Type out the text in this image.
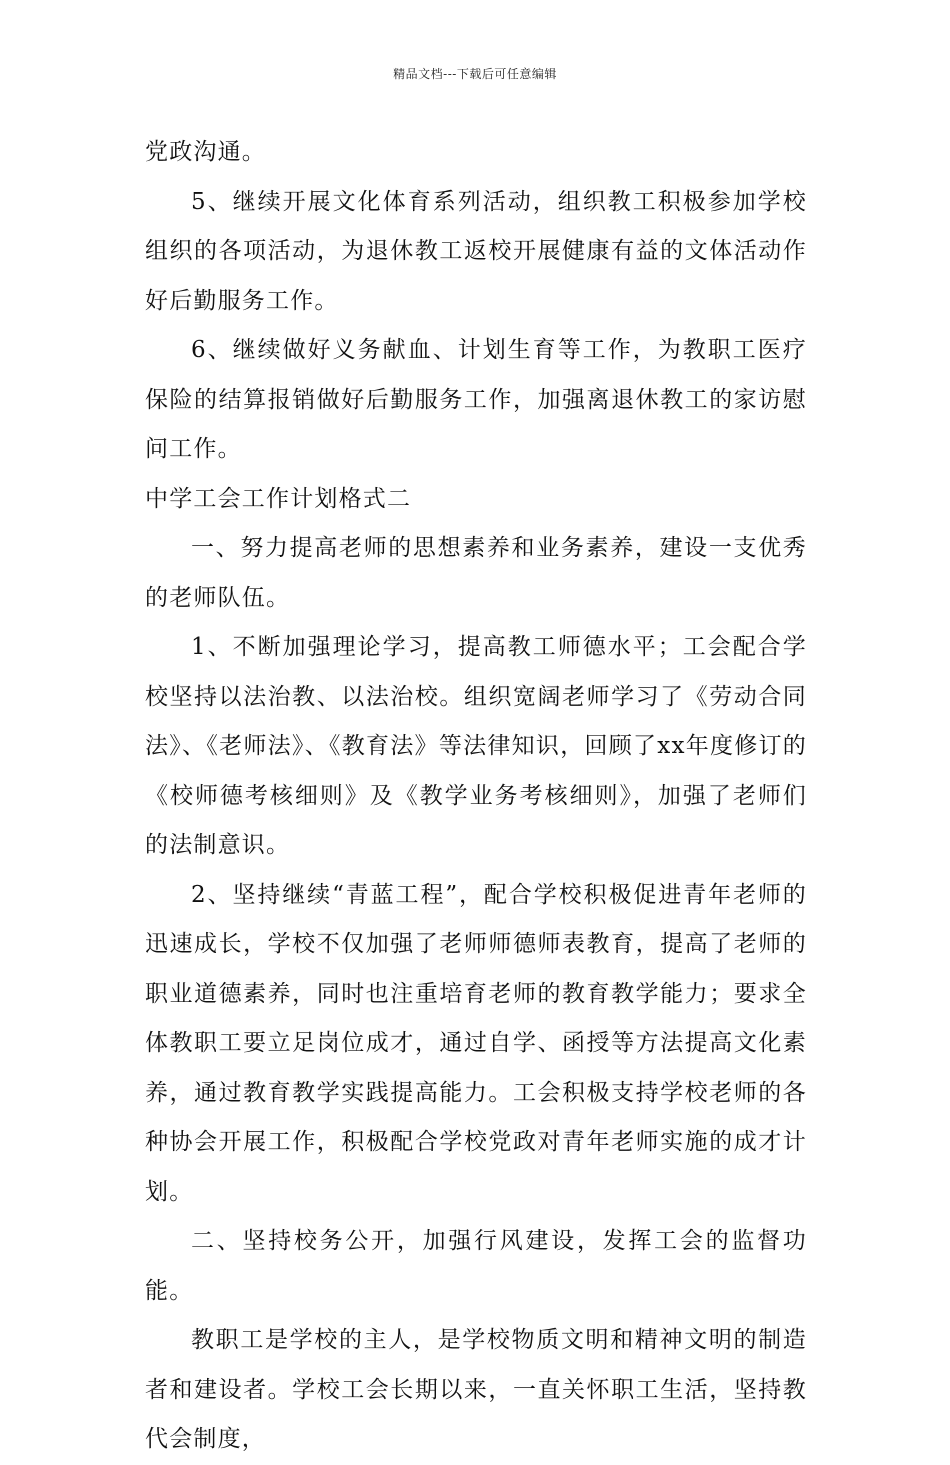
精品文档---下载后可任意编辑

党政沟通。

5、继续开展文化体育系列活动，组织教工积极参加学校组织的各项活动，为退休教工返校开展健康有益的文体活动作好后勤服务工作。

6、继续做好义务献血、计划生育等工作，为教职工医疗保险的结算报销做好后勤服务工作，加强离退休教工的家访慰问工作。

中学工会工作计划格式二

一、努力提高老师的思想素养和业务素养，建设一支优秀的老师队伍。

1、不断加强理论学习，提高教工师德水平；工会配合学校坚持以法治教、以法治校。组织宽阔老师学习了《劳动合同法》、《老师法》、《教育法》等法律知识，回顾了xx年度修订的《校师德考核细则》及《教学业务考核细则》，加强了老师们的法制意识。

2、坚持继续“青蓝工程”，配合学校积极促进青年老师的迅速成长，学校不仅加强了老师师德师表教育，提高了老师的职业道德素养，同时也注重培育老师的教育教学能力；要求全体教职工要立足岗位成才，通过自学、函授等方法提高文化素养，通过教育教学实践提高能力。工会积极支持学校老师的各种协会开展工作，积极配合学校党政对青年老师实施的成才计划。

二、坚持校务公开，加强行风建设，发挥工会的监督功能。

教职工是学校的主人，是学校物质文明和精神文明的制造者和建设者。学校工会长期以来，一直关怀职工生活，坚持教代会制度，
